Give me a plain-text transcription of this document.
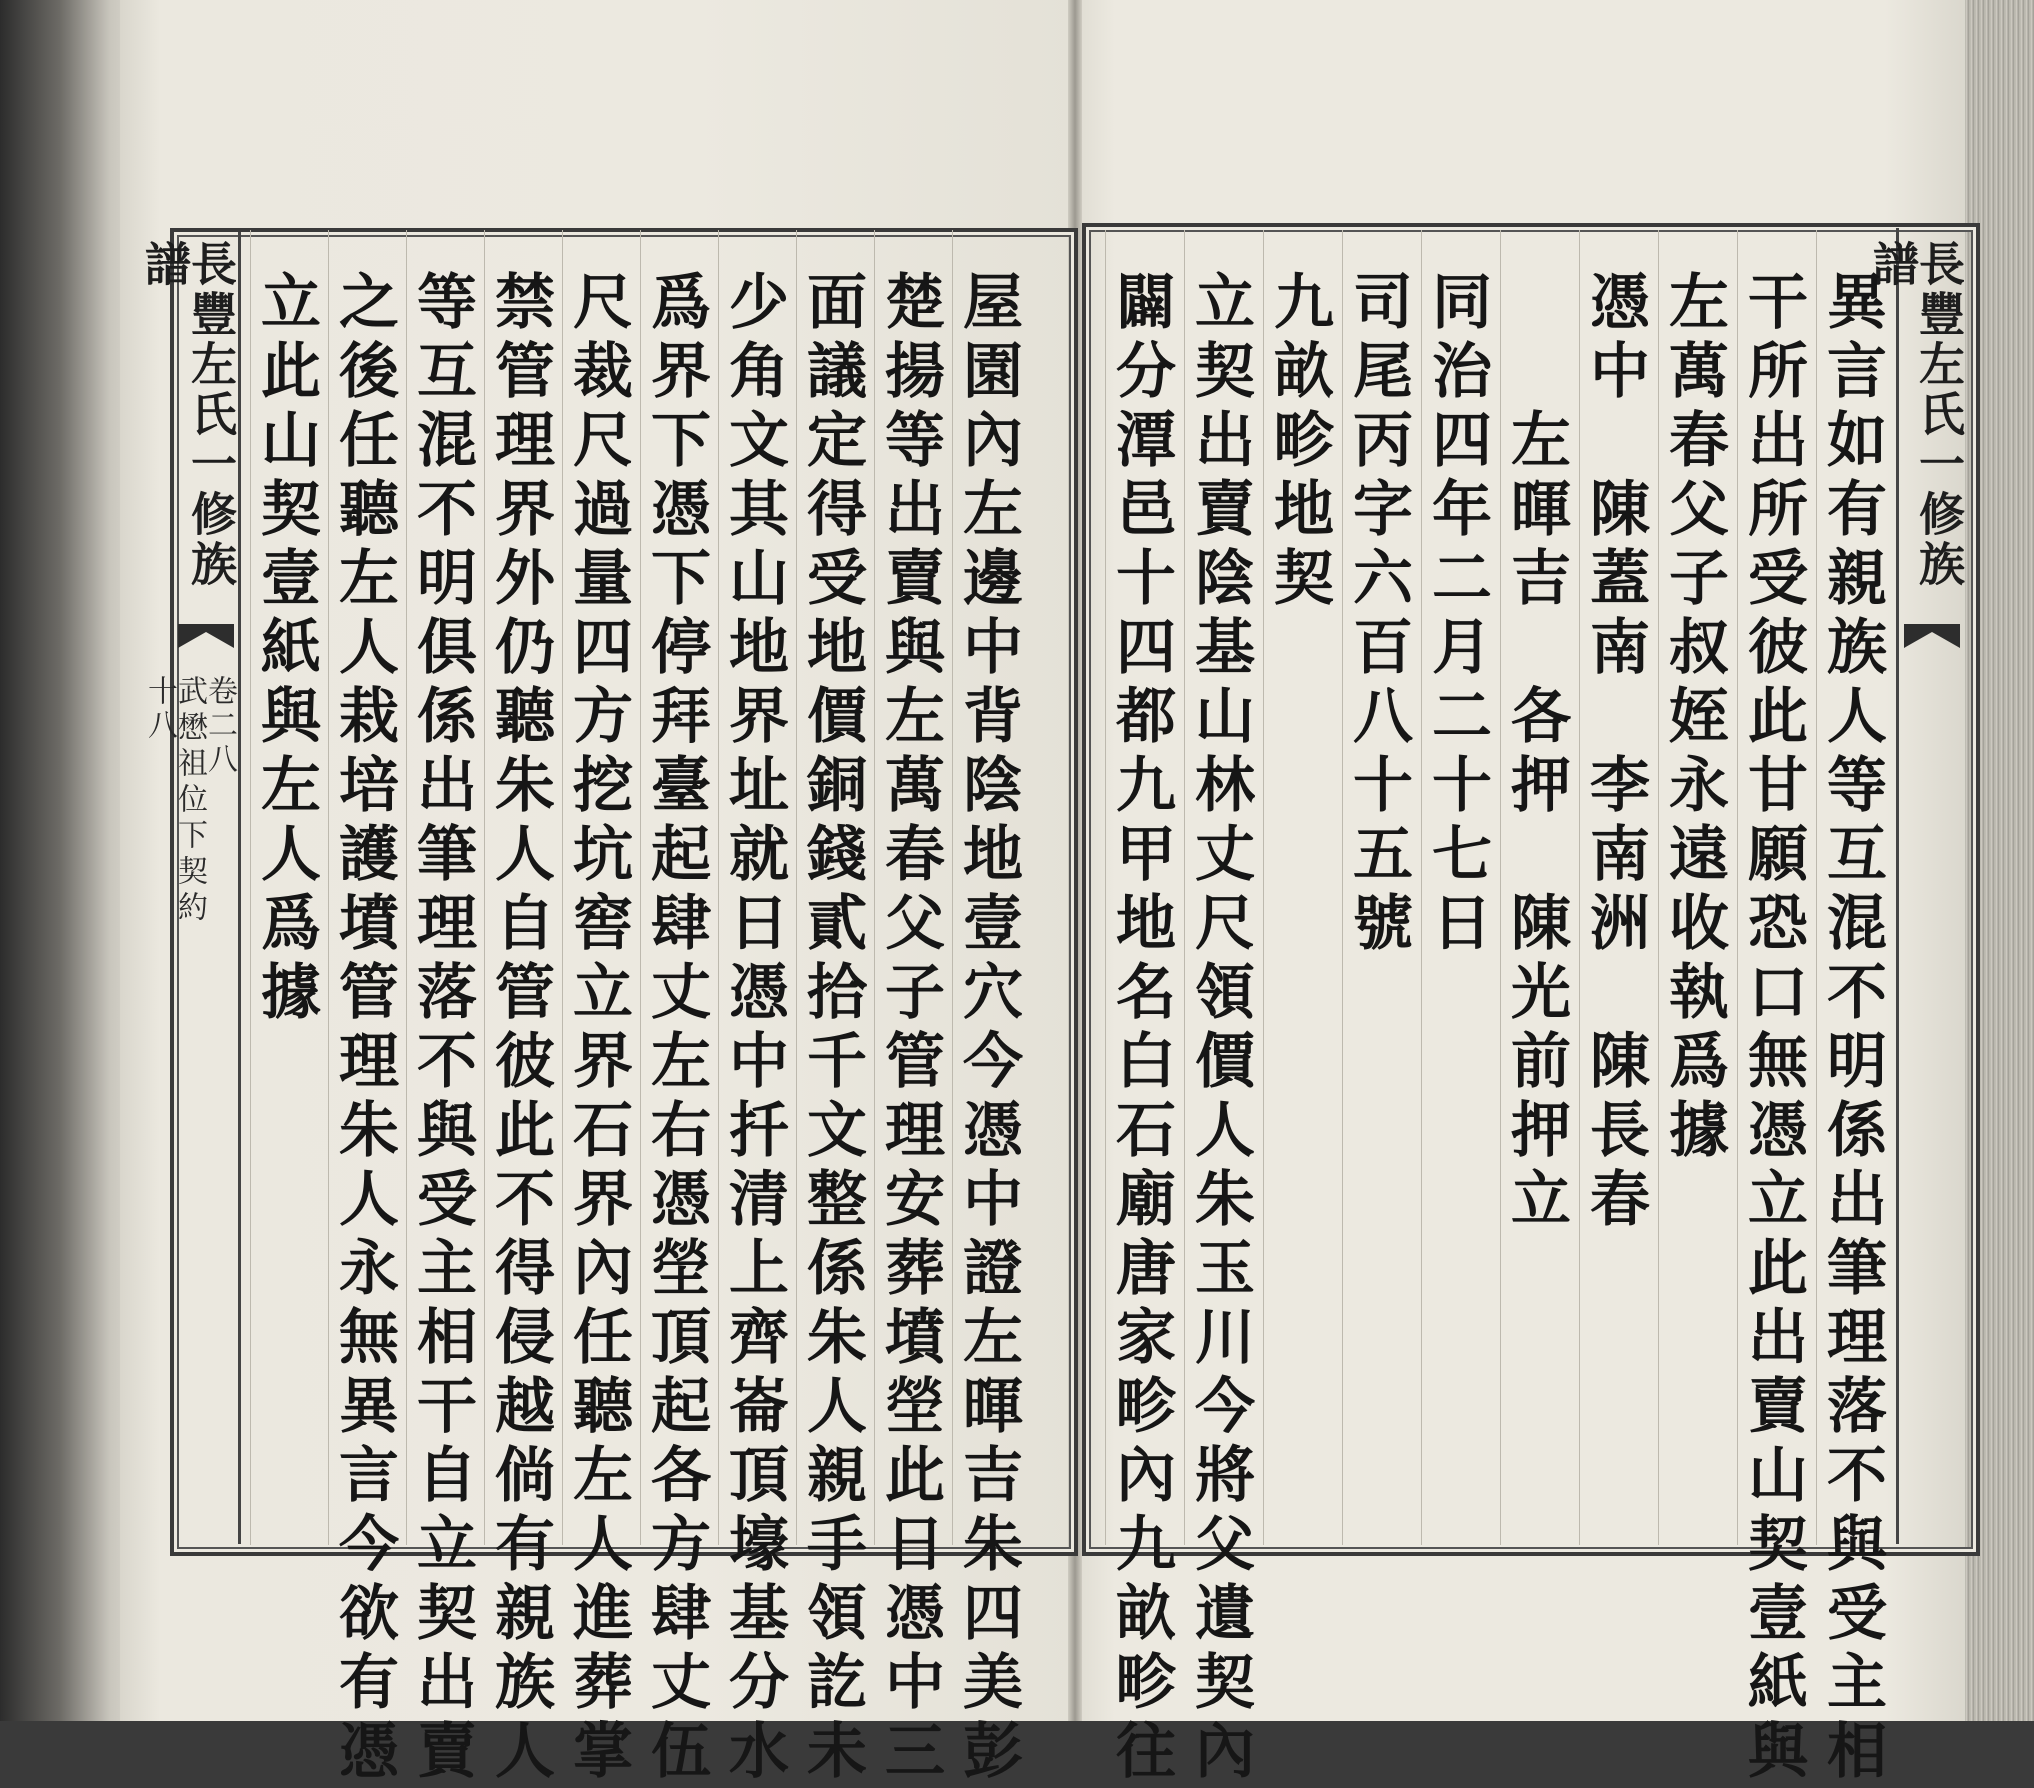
長豐左氏一修族譜
卷二八
武懋祖位下契約
十八
長豐左氏一修族譜
屋園內左邊中背陰地壹穴今憑中證左暉吉朱四美彭
楚揚等出賣與左萬春父子管理安葬墳塋此日憑中三
面議定得受地價銅錢貳拾千文整係朱人親手領訖未
少角文其山地界址就日憑中扦清上齊崙頂壕基分水
爲界下憑下停拜臺起肆丈左右憑塋頂起各方肆丈伍
尺裁尺過量四方挖坑窖立界石界內任聽左人進葬掌
禁管理界外仍聽朱人自管彼此不得侵越倘有親族人
等互混不明俱係出筆理落不與受主相干自立契出賣
之後任聽左人栽培護墳管理朱人永無異言今欲有憑
立此山契壹紙與左人爲據	異言如有親族人等互混不明係出筆理落不與受主相
干所出所受彼此甘願恐口無憑立此出賣山契壹紙與
左萬春父子叔姪永遠收執爲據
憑中　陳蓋南　李南洲　陳長春
　　左暉吉　各押　陳光前押立
同治四年二月二十七日
司尾丙字六百八十五號
九畝畛地契
立契出賣陰基山林丈尺領價人朱玉川今將父遺契內
闢分潭邑十四都九甲地名白石廟唐家畛內九畝畛往
